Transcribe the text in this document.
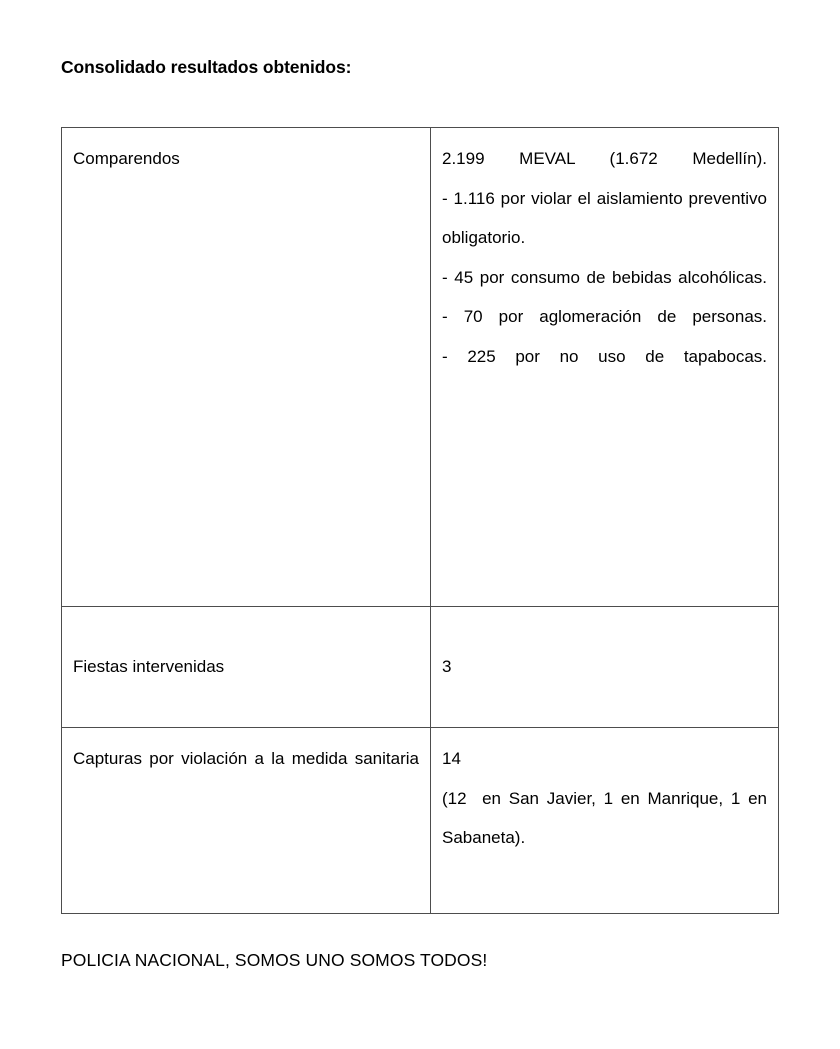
Consolidado resultados obtenidos:
Comparendos	2.199 MEVAL (1.672 Medellín).
- 1.116 por violar el aislamiento preventivo obligatorio.
- 45 por consumo de bebidas alcohólicas.
- 70 por aglomeración de personas.
- 225 por no uso de tapabocas.

Fiestas intervenidas	3

Capturas por violación a la medida sanitaria	14
(12  en San Javier, 1 en Manrique, 1 en Sabaneta).
POLICIA NACIONAL, SOMOS UNO SOMOS TODOS!
